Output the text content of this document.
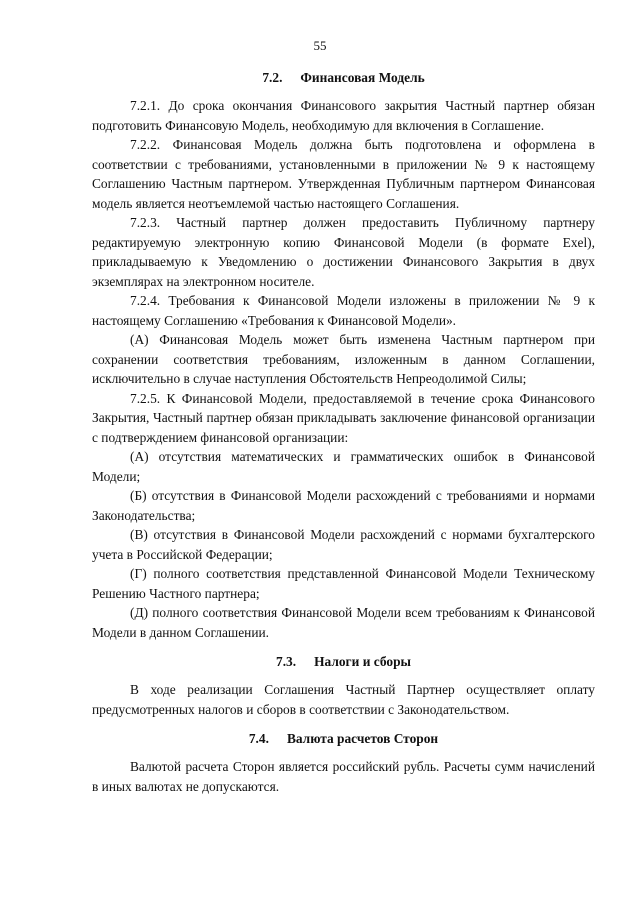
55
7.2. Финансовая Модель

7.2.1. До срока окончания Финансового закрытия Частный партнер обязан подготовить Финансовую Модель, необходимую для включения в Соглашение.

7.2.2. Финансовая Модель должна быть подготовлена и оформлена в соответствии с требованиями, установленными в приложении № 9 к настоящему Соглашению Частным партнером. Утвержденная Публичным партнером Финансовая модель является неотъемлемой частью настоящего Соглашения.

7.2.3. Частный партнер должен предоставить Публичному партнеру редактируемую электронную копию Финансовой Модели (в формате Exel), прикладываемую к Уведомлению о достижении Финансового Закрытия в двух экземплярах на электронном носителе.

7.2.4. Требования к Финансовой Модели изложены в приложении № 9 к настоящему Соглашению «Требования к Финансовой Модели».

(А) Финансовая Модель может быть изменена Частным партнером при сохранении соответствия требованиям, изложенным в данном Соглашении, исключительно в случае наступления Обстоятельств Непреодолимой Силы;

7.2.5. К Финансовой Модели, предоставляемой в течение срока Финансового Закрытия, Частный партнер обязан прикладывать заключение финансовой организации с подтверждением финансовой организации:

(А) отсутствия математических и грамматических ошибок в Финансовой Модели;

(Б) отсутствия в Финансовой Модели расхождений с требованиями и нормами Законодательства;

(В) отсутствия в Финансовой Модели расхождений с нормами бухгалтерского учета в Российской Федерации;

(Г) полного соответствия представленной Финансовой Модели Техническому Решению Частного партнера;

(Д) полного соответствия Финансовой Модели всем требованиям к Финансовой Модели в данном Соглашении.

7.3. Налоги и сборы

В ходе реализации Соглашения Частный Партнер осуществляет оплату предусмотренных налогов и сборов в соответствии с Законодательством.

7.4. Валюта расчетов Сторон

Валютой расчета Сторон является российский рубль. Расчеты сумм начислений в иных валютах не допускаются.
